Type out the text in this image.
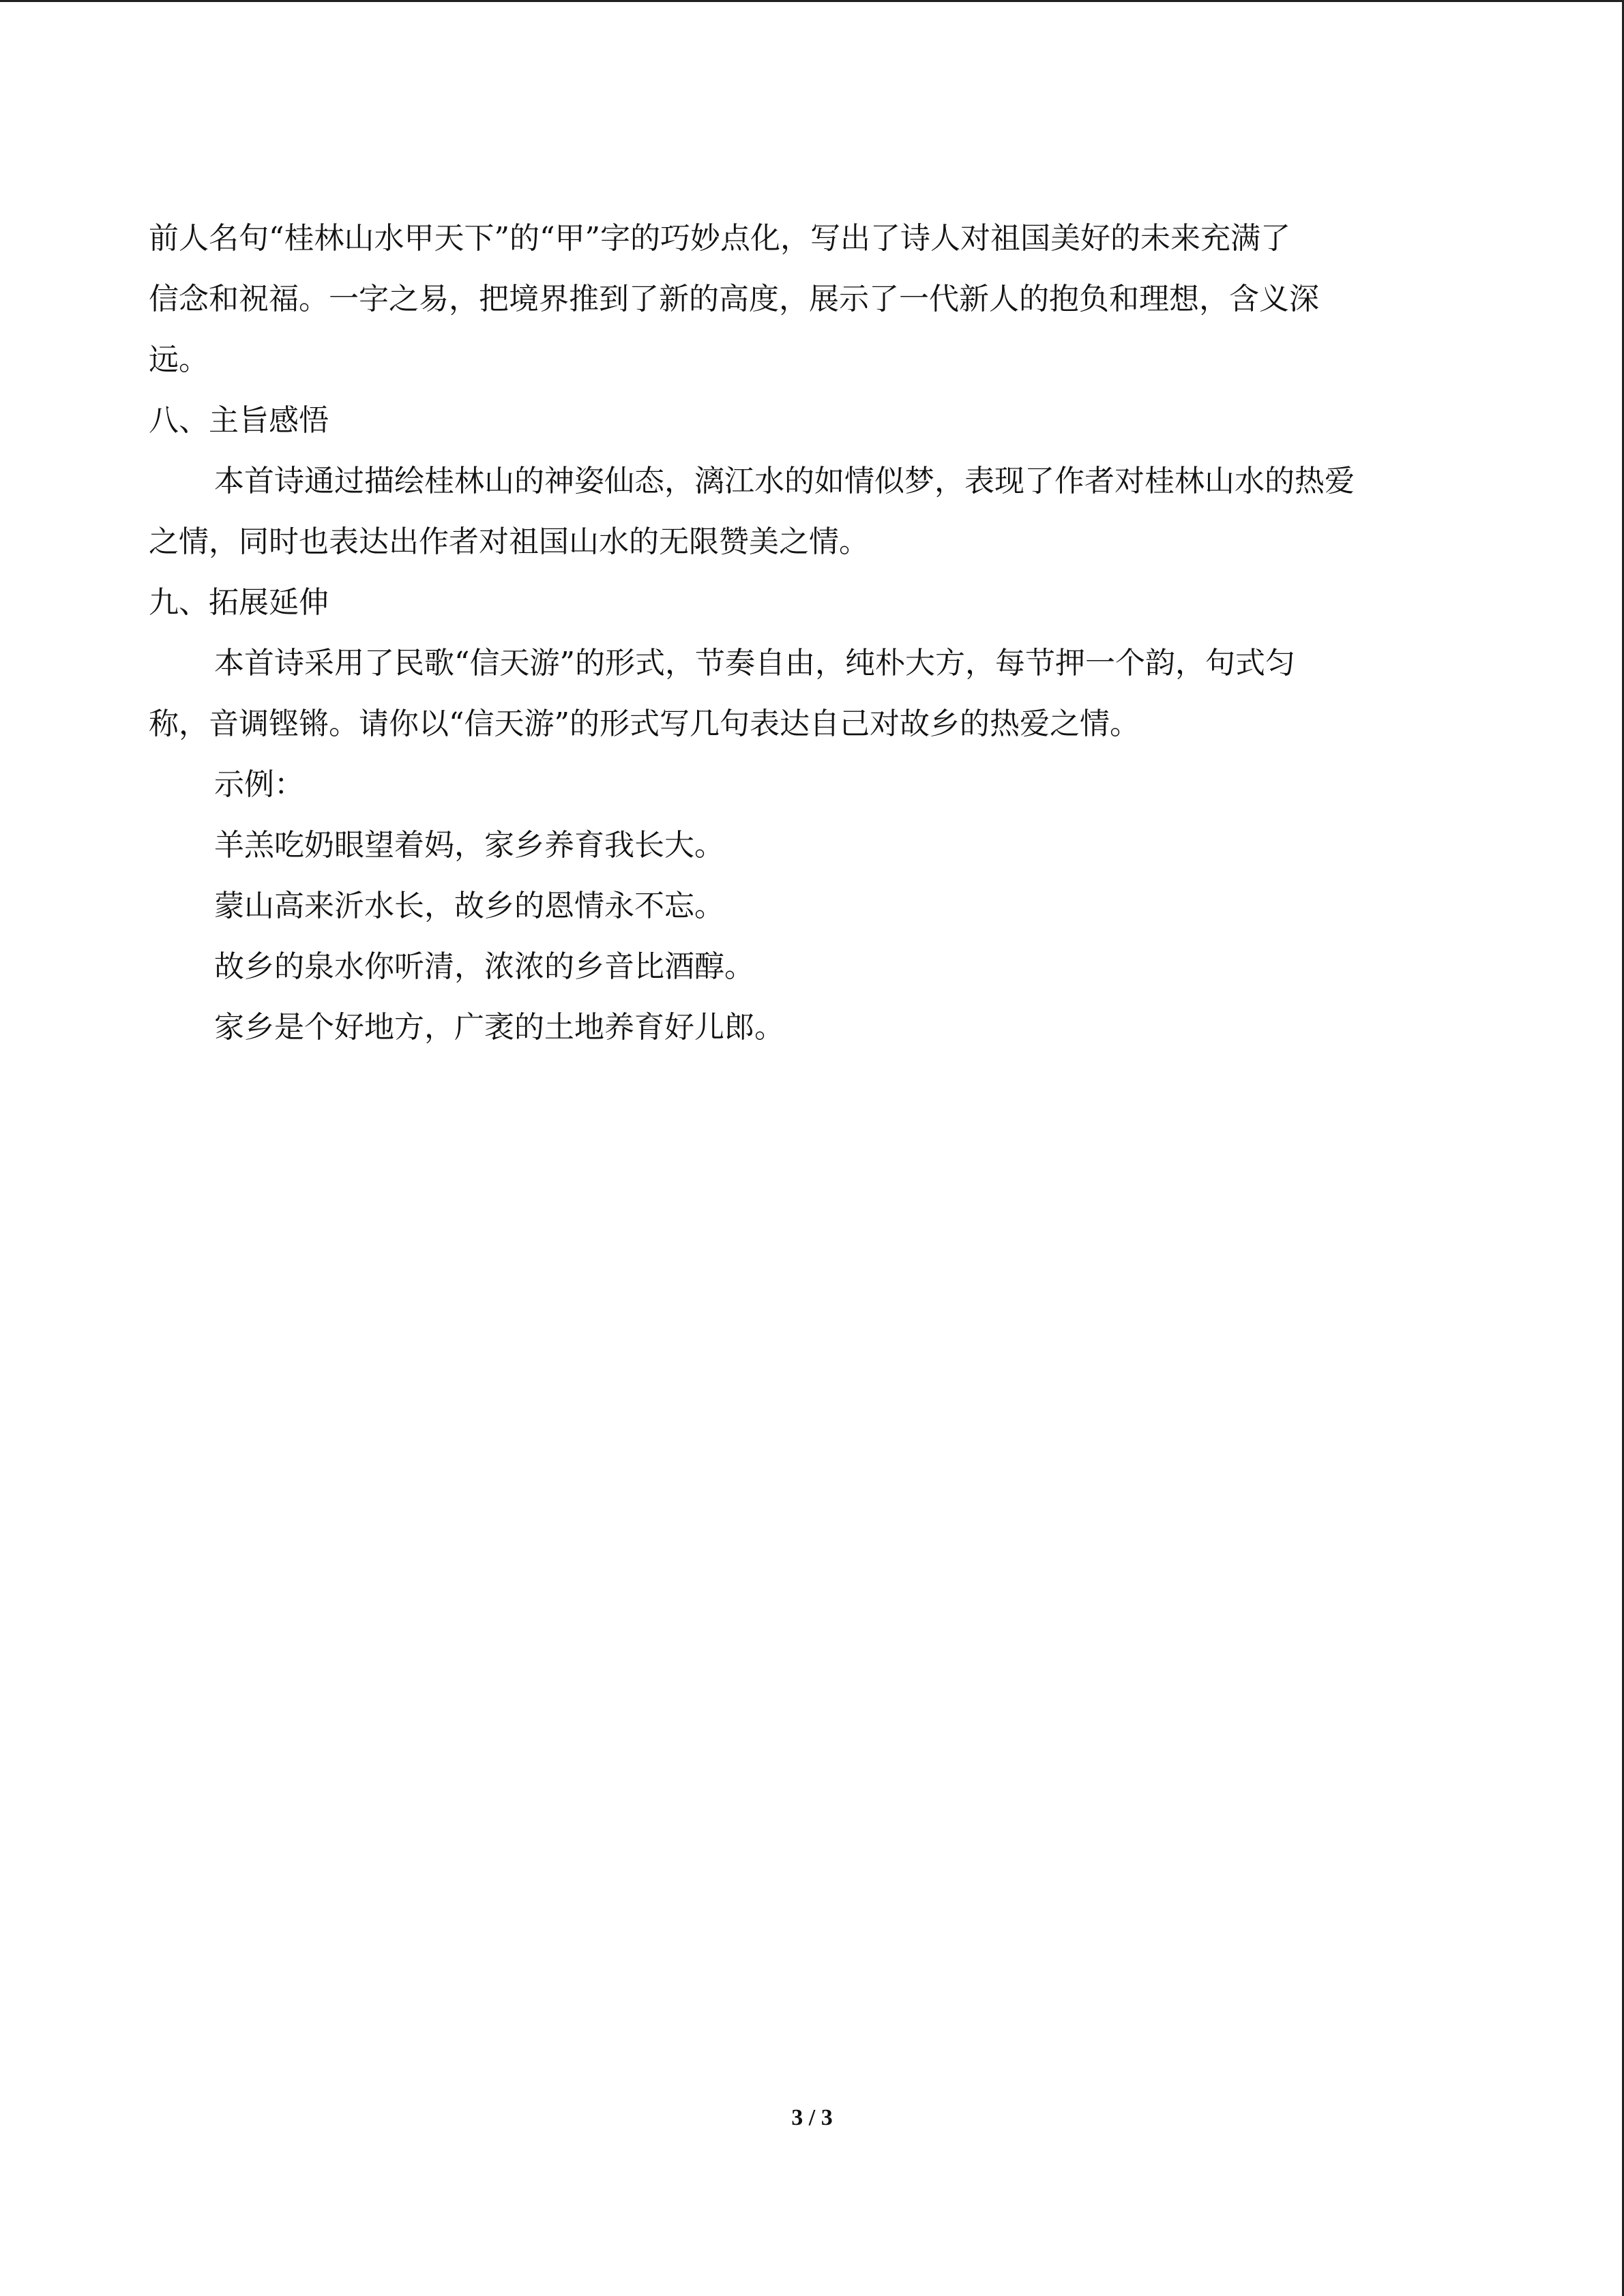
前人名句“桂林山水甲天下”的“甲”字的巧妙点化，写出了诗人对祖国美好的未来充满了
信念和祝福。一字之易，把境界推到了新的高度，展示了一代新人的抱负和理想，含义深
远。
八、主旨感悟
本首诗通过描绘桂林山的神姿仙态，漓江水的如情似梦，表现了作者对桂林山水的热爱
之情，同时也表达出作者对祖国山水的无限赞美之情。
九、拓展延伸
本首诗采用了民歌“信天游”的形式，节奏自由，纯朴大方，每节押一个韵，句式匀
称，音调铿锵。请你以“信天游”的形式写几句表达自己对故乡的热爱之情。
示例：
羊羔吃奶眼望着妈，家乡养育我长大。
蒙山高来沂水长，故乡的恩情永不忘。
故乡的泉水你听清，浓浓的乡音比酒醇。
家乡是个好地方，广袤的土地养育好儿郎。
3 / 3
